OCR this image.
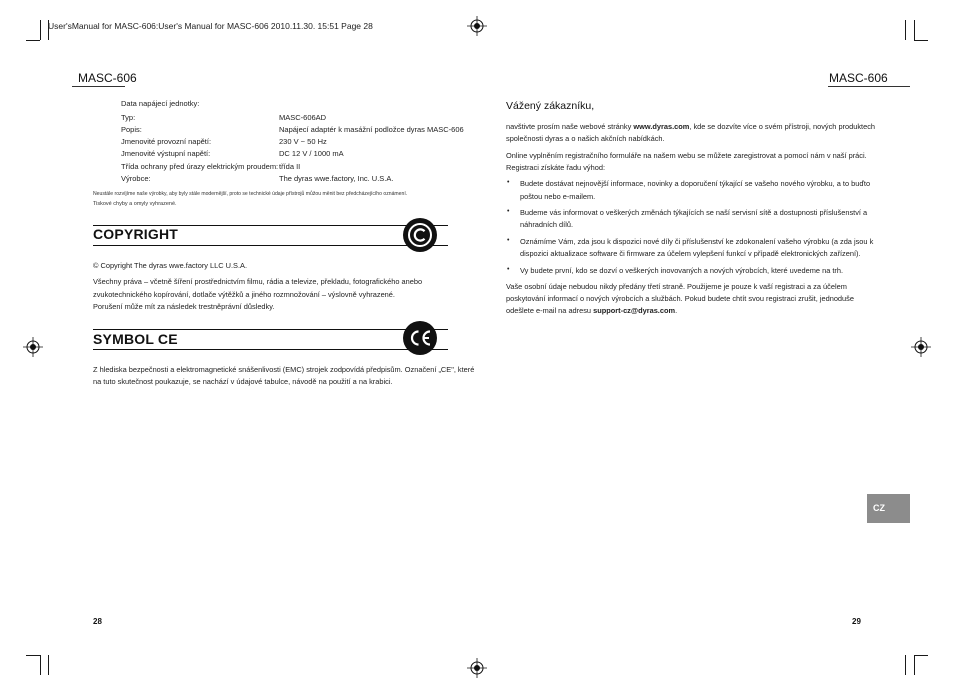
User'sManual for MASC-606:User's Manual for MASC-606 2010.11.30. 15:51 Page 28
MASC-606
Data napájecí jednotky:
Typ:	MASC-606AD
Popis:	Napájecí adaptér k masážní podložce dyras MASC-606
Jmenovité provozní napětí:	230 V ~ 50 Hz
Jmenovité výstupní napětí:	DC 12 V / 1000 mA
Třída ochrany před úrazy elektrickým proudem: třída II
Výrobce:	The dyras wwe.factory, Inc. U.S.A.
Neustále rozvíjíme naše výrobky, aby byly stále modernější, proto se technické údaje přístrojů můžou měnit bez předcházejícího oznámení.
Tiskové chyby a omyly vyhrazené.
COPYRIGHT
© Copyright The dyras wwe.factory LLC U.S.A.
Všechny práva – včetně šíření prostřednictvím filmu, rádia a televize, překladu, fotografického anebo
zvukotechnického kopírování, dotlače výtěžků a jiného rozmnožování – výslovně vyhrazené.
Porušení může mít za následek trestněprávní důsledky.
SYMBOL CE
Z hlediska bezpečnosti a elektromagnetické snášenlivosti (EMC) strojek zodpovídá předpisům. Označení „CE", které
na tuto skutečnost poukazuje, se nachází v údajové tabulce, návodě na použití a na krabici.
28
MASC-606
Vážený zákazníku,
navštivte prosím naše webové stránky www.dyras.com, kde se dozvíte více o svém přístroji, nových produktech
společnosti dyras a o našich akčních nabídkách.
Online vyplněním registračního formuláře na našem webu se můžete zaregistrovat a pomocí nám v naší práci.
Registraci získáte řadu výhod:
• Budete dostávat nejnovější informace, novinky a doporučení týkající se vašeho nového výrobku, a to buďto
poštou nebo e-mailem.
• Budeme vás informovat o veškerých změnách týkajících se naší servisní sítě a dostupnosti příslušenství a
náhradních dílů.
• Oznámíme Vám, zda jsou k dispozici nové díly či příslušenství ke zdokonalení vašeho výrobku (a zda jsou k
dispozici aktualizace software či firmware za účelem vylepšení funkcí v případě elektronických zařízení).
• Vy budete první, kdo se dozví o veškerých inovovaných a nových výrobcích, které uvedeme na trh.
Vaše osobní údaje nebudou nikdy předány třetí straně. Použijeme je pouze k vaší registraci a za účelem
poskytování informací o nových výrobcích a službách. Pokud budete chtít svou registraci zrušit, jednoduše
odešlete e-mail na adresu support-cz@dyras.com.
CZ
29
